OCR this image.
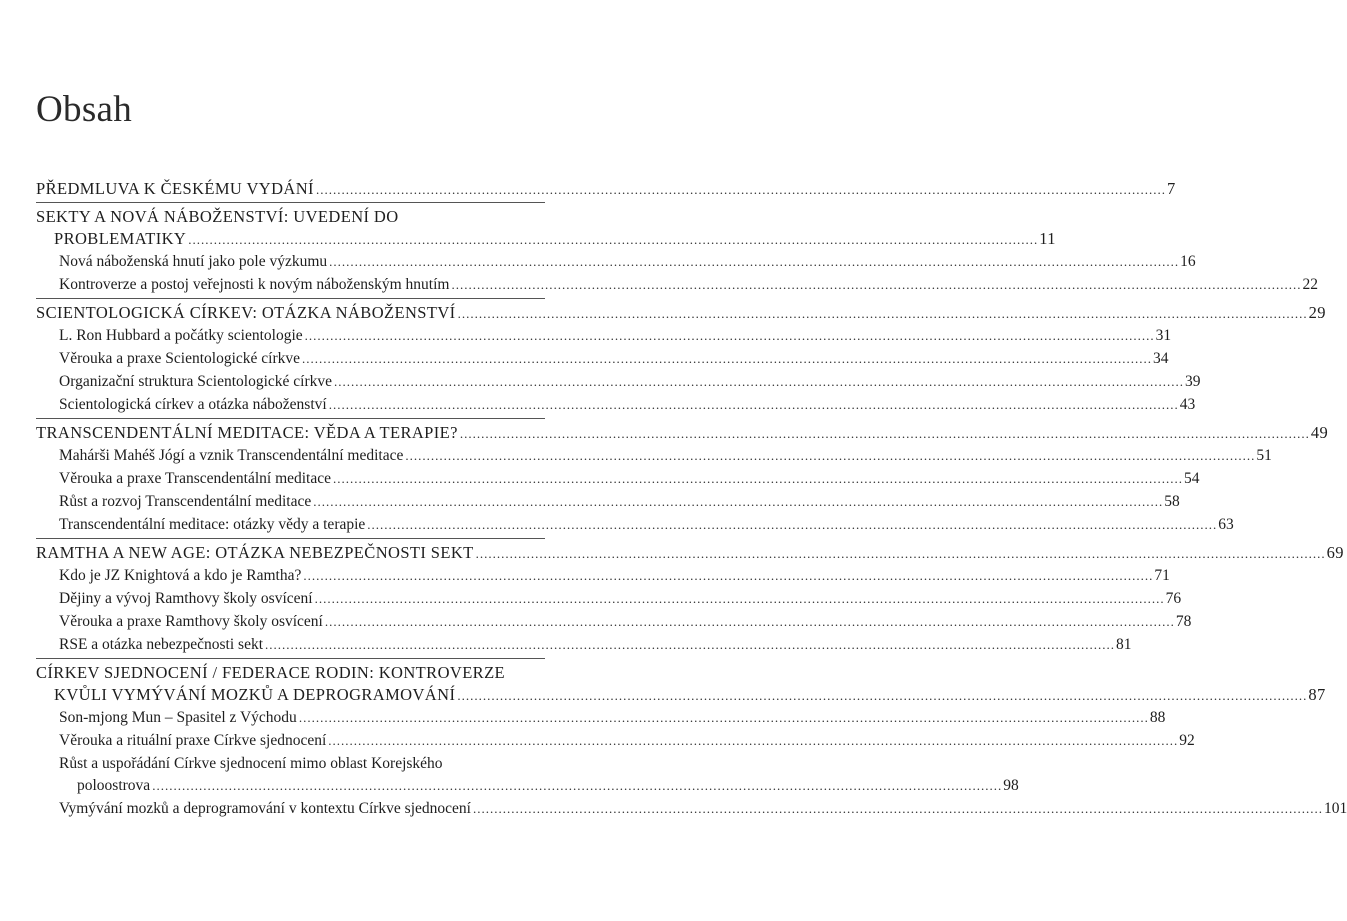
Obsah
PŘEDMLUVA K ČESKÉMU VYDÁNÍ ........................................................................................................................................................................................................ 7
SEKTY A NOVÁ NÁBOŽENSTVÍ: UVEDENÍ DO
PROBLEMATIKY ........................................................................................................................................................................................................ 11
Nová náboženská hnutí jako pole výzkumu ........................................................................................................................................................................................................ 16
Kontroverze a postoj veřejnosti k novým náboženským hnutím ........................................................................................................................................................................................................ 22
SCIENTOLOGICKÁ CÍRKEV: OTÁZKA NÁBOŽENSTVÍ ........................................................................................................................................................................................................ 29
L. Ron Hubbard a počátky scientologie ........................................................................................................................................................................................................ 31
Věrouka a praxe Scientologické církve ........................................................................................................................................................................................................ 34
Organizační struktura Scientologické církve ........................................................................................................................................................................................................ 39
Scientologická církev a otázka náboženství ........................................................................................................................................................................................................ 43
TRANSCENDENTÁLNÍ MEDITACE: VĚDA A TERAPIE? ........................................................................................................................................................................................................ 49
Mahárši Mahéš Jógí a vznik Transcendentální meditace ........................................................................................................................................................................................................ 51
Věrouka a praxe Transcendentální meditace ........................................................................................................................................................................................................ 54
Růst a rozvoj Transcendentální meditace ........................................................................................................................................................................................................ 58
Transcendentální meditace: otázky vědy a terapie ........................................................................................................................................................................................................ 63
RAMTHA A NEW AGE: OTÁZKA NEBEZPEČNOSTI SEKT ........................................................................................................................................................................................................ 69
Kdo je JZ Knightová a kdo je Ramtha? ........................................................................................................................................................................................................ 71
Dějiny a vývoj Ramthovy školy osvícení ........................................................................................................................................................................................................ 76
Věrouka a praxe Ramthovy školy osvícení ........................................................................................................................................................................................................ 78
RSE a otázka nebezpečnosti sekt ........................................................................................................................................................................................................ 81
CÍRKEV SJEDNOCENÍ / FEDERACE RODIN: KONTROVERZE
KVŮLI VYMÝVÁNÍ MOZKŮ A DEPROGRAMOVÁNÍ ........................................................................................................................................................................................................ 87
Son-mjong Mun – Spasitel z Východu ........................................................................................................................................................................................................ 88
Věrouka a rituální praxe Církve sjednocení ........................................................................................................................................................................................................ 92
Růst a uspořádání Církve sjednocení mimo oblast Korejského
poloostrova ........................................................................................................................................................................................................ 98
Vymývání mozků a deprogramování v kontextu Církve sjednocení ........................................................................................................................................................................................................ 101
